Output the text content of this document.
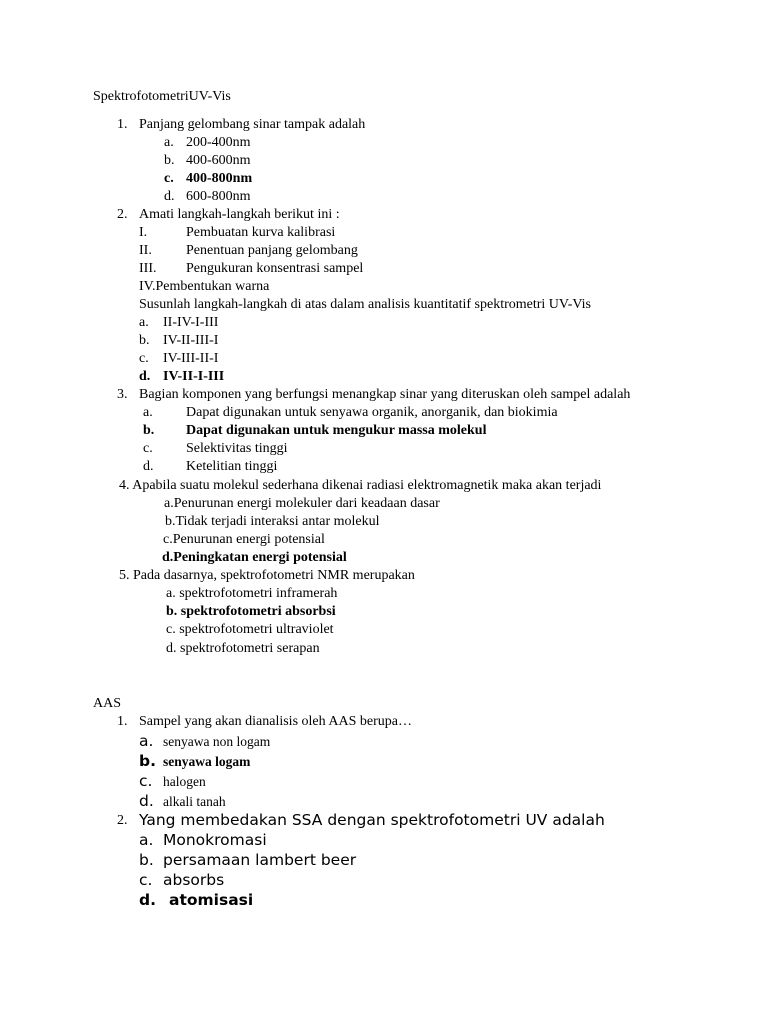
SpektrofotometriUV-Vis
1. Panjang gelombang sinar tampak adalah
a. 200-400nm
b. 400-600nm
c. 400-800nm
d. 600-800nm
2. Amati langkah-langkah berikut ini :
I.	Pembuatan kurva kalibrasi
II. Penentuan panjang gelombang
III. Pengukuran konsentrasi sampel
IV.Pembentukan warna
Susunlah langkah-langkah di atas dalam analisis kuantitatif spektrometri UV-Vis
a. II-IV-I-III
b. IV-II-III-I
c. IV-III-II-I
d. IV-II-I-III
3. Bagian komponen yang berfungsi menangkap sinar yang diteruskan oleh sampel adalah
a. Dapat digunakan untuk senyawa organik, anorganik, dan biokimia
b. Dapat digunakan untuk mengukur massa molekul
c. Selektivitas tinggi
d. Ketelitian tinggi
4. Apabila suatu molekul sederhana dikenai radiasi elektromagnetik maka akan terjadi
a.Penurunan energi molekuler dari keadaan dasar
b.Tidak terjadi interaksi antar molekul
c.Penurunan energi potensial
d.Peningkatan energi potensial
5. Pada dasarnya, spektrofotometri NMR merupakan
a. spektrofotometri inframerah
b. spektrofotometri absorbsi
c. spektrofotometri ultraviolet
d. spektrofotometri serapan
AAS
1. Sampel yang akan dianalisis oleh AAS berupa…
a. senyawa non logam
b. senyawa logam
c. halogen
d. alkali tanah
2. Yang membedakan SSA dengan spektrofotometri UV adalah
a. Monokromasi
b. persamaan lambert beer
c. absorbs
d. atomisasi
